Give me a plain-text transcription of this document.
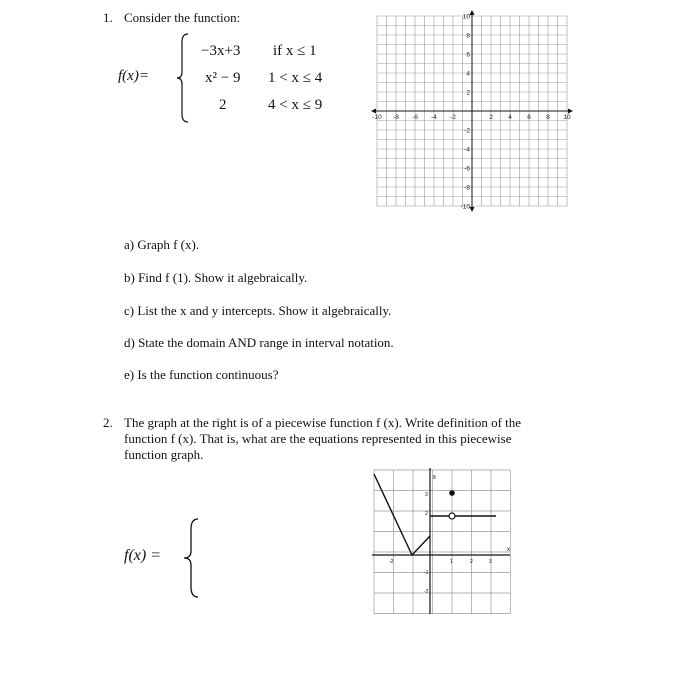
1. Consider the function:
f(x)=
−3x+3 if x ≤ 1
x² − 9 1 < x ≤ 4
2	4 < x ≤ 9
-10 -8 -6 -4 -2	2 4 6 8 10
10
8
6
4
2
-2
-4
-6
-8
-10
a) Graph f (x).
b) Find f (1). Show it algebraically.
c) List the x and y intercepts. Show it algebraically.
d) State the domain AND range in interval notation.
e) Is the function continuous?
2. The graph at the right is of a piecewise function f (x). Write definition of the
function f (x). That is, what are the equations represented in this piecewise
function graph.
f(x) =
8
x
-2	1	2	3
3
2
-1
-2
